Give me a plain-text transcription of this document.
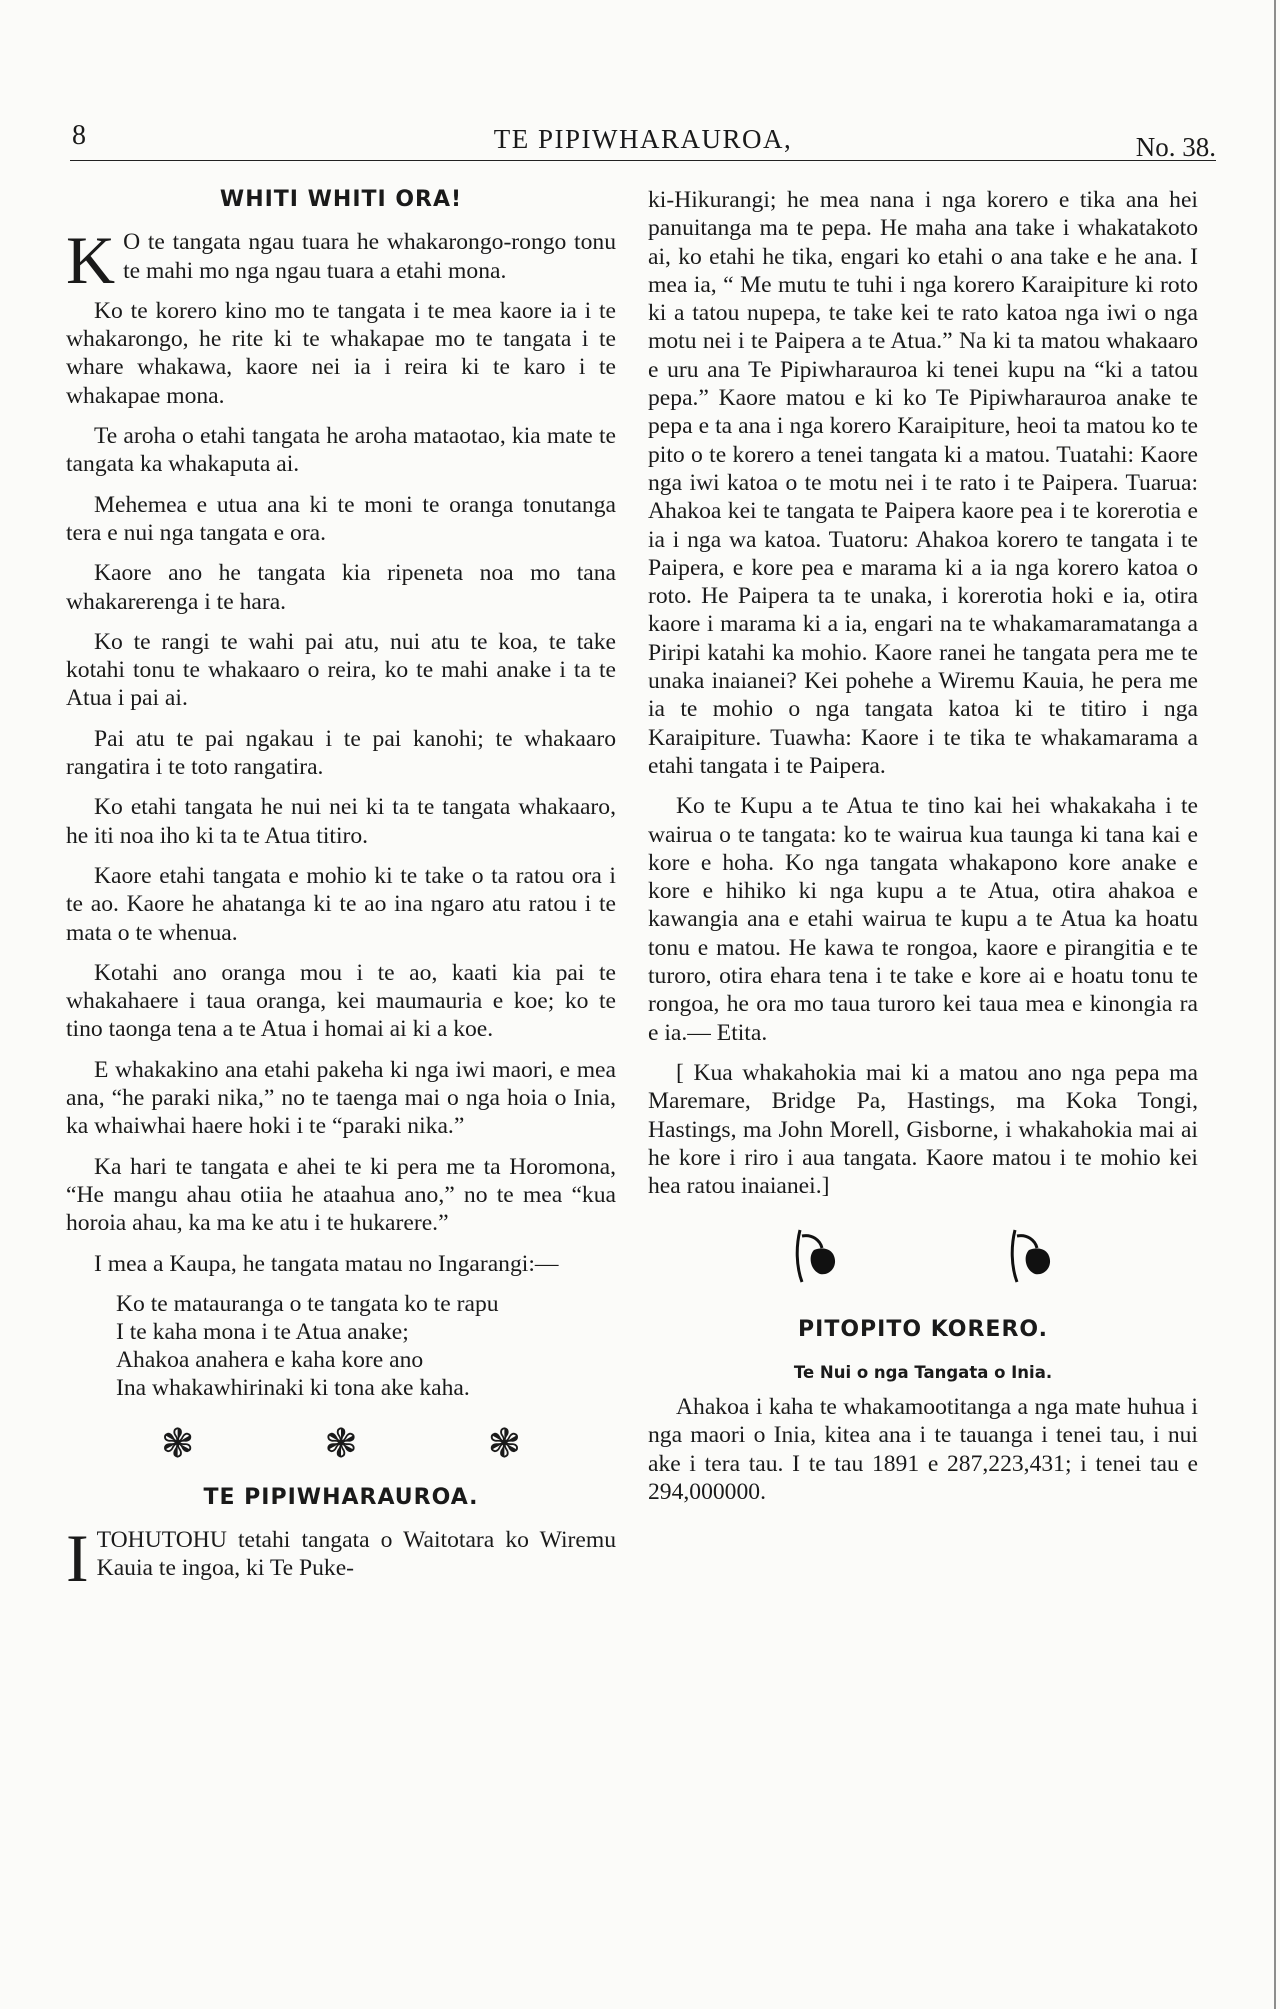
8	TE PIPIWHARAUROA,	No. 38.
WHITI WHITI ORA!

K O te tangata ngau tuara he whakarongo-rongo tonu te mahi mo nga ngau tuara a etahi mona.

Ko te korero kino mo te tangata i te mea kaore ia i te whakarongo, he rite ki te whakapae mo te tangata i te whare whakawa, kaore nei ia i reira ki te karo i te whakapae mona.

Te aroha o etahi tangata he aroha mataotao, kia mate te tangata ka whakaputa ai.

Mehemea e utua ana ki te moni te oranga tonutanga tera e nui nga tangata e ora.

Kaore ano he tangata kia ripeneta noa mo tana whakarerenga i te hara.

Ko te rangi te wahi pai atu, nui atu te koa, te take kotahi tonu te whakaaro o reira, ko te mahi anake i ta te Atua i pai ai.

Pai atu te pai ngakau i te pai kanohi; te whakaaro rangatira i te toto rangatira.

Ko etahi tangata he nui nei ki ta te tangata whakaaro, he iti noa iho ki ta te Atua titiro.

Kaore etahi tangata e mohio ki te take o ta ratou ora i te ao. Kaore he ahatanga ki te ao ina ngaro atu ratou i te mata o te whenua.

Kotahi ano oranga mou i te ao, kaati kia pai te whakahaere i taua oranga, kei maumauria e koe; ko te tino taonga tena a te Atua i homai ai ki a koe.

E whakakino ana etahi pakeha ki nga iwi maori, e mea ana, “he paraki nika,” no te taenga mai o nga hoia o Inia, ka whaiwhai haere hoki i te “paraki nika.”

Ka hari te tangata e ahei te ki pera me ta Horomona, “He mangu ahau otiia he ataahua ano,” no te mea “kua horoia ahau, ka ma ke atu i te hukarere.”

I mea a Kaupa, he tangata matau no Ingarangi:—

Ko te matauranga o te tangata ko te rapu
I te kaha mona i te Atua anake;
Ahakoa anahera e kaha kore ano
Ina whakawhirinaki ki tona ake kaha.
❃	❃	❃
TE PIPIWHARAUROA.

ITOHUTOHU tetahi tangata o Waitotara ko Wiremu Kauia te ingoa, ki Te Puke-

ki-Hikurangi; he mea nana i nga korero e tika ana hei panuitanga ma te pepa. He maha ana take i whakatakoto ai, ko etahi he tika, engari ko etahi o ana take e he ana. I mea ia, “ Me mutu te tuhi i nga korero Karaipiture ki roto ki a tatou nupepa, te take kei te rato katoa nga iwi o nga motu nei i te Paipera a te Atua.” Na ki ta matou whakaaro e uru ana Te Pipiwharauroa ki tenei kupu na “ki a tatou pepa.” Kaore matou e ki ko Te Pipiwharauroa anake te pepa e ta ana i nga korero Karaipiture, heoi ta matou ko te pito o te korero a tenei tangata ki a matou. Tuatahi: Kaore nga iwi katoa o te motu nei i te rato i te Paipera. Tuarua: Ahakoa kei te tangata te Paipera kaore pea i te korerotia e ia i nga wa katoa. Tuatoru: Ahakoa korero te tangata i te Paipera, e kore pea e marama ki a ia nga korero katoa o roto. He Paipera ta te unaka, i korerotia hoki e ia, otira kaore i marama ki a ia, engari na te whakamaramatanga a Piripi katahi ka mohio. Kaore ranei he tangata pera me te unaka inaianei? Kei pohehe a Wiremu Kauia, he pera me ia te mohio o nga tangata katoa ki te titiro i nga Karaipiture. Tuawha: Kaore i te tika te whakamarama a etahi tangata i te Paipera.

Ko te Kupu a te Atua te tino kai hei whakakaha i te wairua o te tangata: ko te wairua kua taunga ki tana kai e kore e hoha. Ko nga tangata whakapono kore anake e kore e hihiko ki nga kupu a te Atua, otira ahakoa e kawangia ana e etahi wairua te kupu a te Atua ka hoatu tonu e matou. He kawa te rongoa, kaore e pirangitia e te turoro, otira ehara tena i te take e kore ai e hoatu tonu te rongoa, he ora mo taua turoro kei taua mea e kinongia ra e ia.— Etita.

[ Kua whakahokia mai ki a matou ano nga pepa ma Maremare, Bridge Pa, Hastings, ma Koka Tongi, Hastings, ma John Morell, Gisborne, i whakahokia mai ai he kore i riro i aua tangata. Kaore matou i te mohio kei hea ratou inaianei.]

PITOPITO KORERO.
Te Nui o nga Tangata o Inia.

Ahakoa i kaha te whakamootitanga a nga mate huhua i nga maori o Inia, kitea ana i te tauanga i tenei tau, i nui ake i tera tau. I te tau 1891 e 287,223,431; i tenei tau e 294,000000.
